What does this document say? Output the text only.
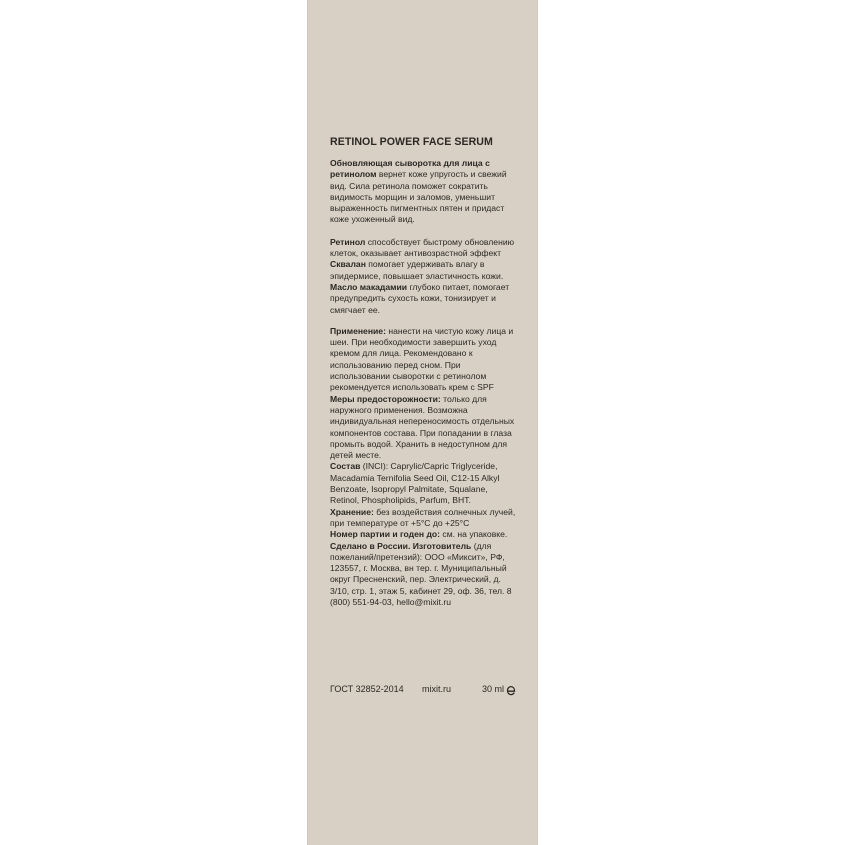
RETINOL POWER FACE SERUM

Обновляющая сыворотка для лица с ретинолом вернет коже упругость и свежий вид. Сила ретинола поможет сократить видимость морщин и заломов, уменьшит выраженность пигментных пятен и придаст коже ухоженный вид.

Ретинол способствует быстрому обновлению клеток, оказывает антивозрастной эффект

Сквалан помогает удерживать влагу в эпидермисе, повышает эластичность кожи.

Масло макадамии глубоко питает, помогает предупредить сухость кожи, тонизирует и смягчает ее.

Применение: нанести на чистую кожу лица и шеи. При необходимости завершить уход кремом для лица. Рекомендовано к использованию перед сном. При использовании сыворотки с ретинолом рекомендуется использовать крем с SPF

Меры предосторожности: только для наружного применения. Возможна индивидуальная непереносимость отдельных компонентов состава. При попадании в глаза промыть водой. Хранить в недоступном для детей месте.

Состав (INCI): Caprylic/Capric Triglyceride, Macadamia Ternifolia Seed Oil, C12-15 Alkyl Benzoate, Isopropyl Palmitate, Squalane, Retinol, Phospholipids, Parfum, BHT.

Хранение: без воздействия солнечных лучей, при температуре от +5°C до +25°C

Номер партии и годен до: см. на упаковке.

Сделано в России. Изготовитель (для пожеланий/претензий): ООО «Миксит», РФ, 123557, г. Москва, вн тер. г. Муниципальный округ Пресненский, пер. Электрический, д. 3/10, стр. 1, этаж 5, кабинет 29, оф. 36, тел. 8 (800) 551-94-03, hello@mixit.ru

ГОСТ 32852-2014 mixit.ru	30 ml
